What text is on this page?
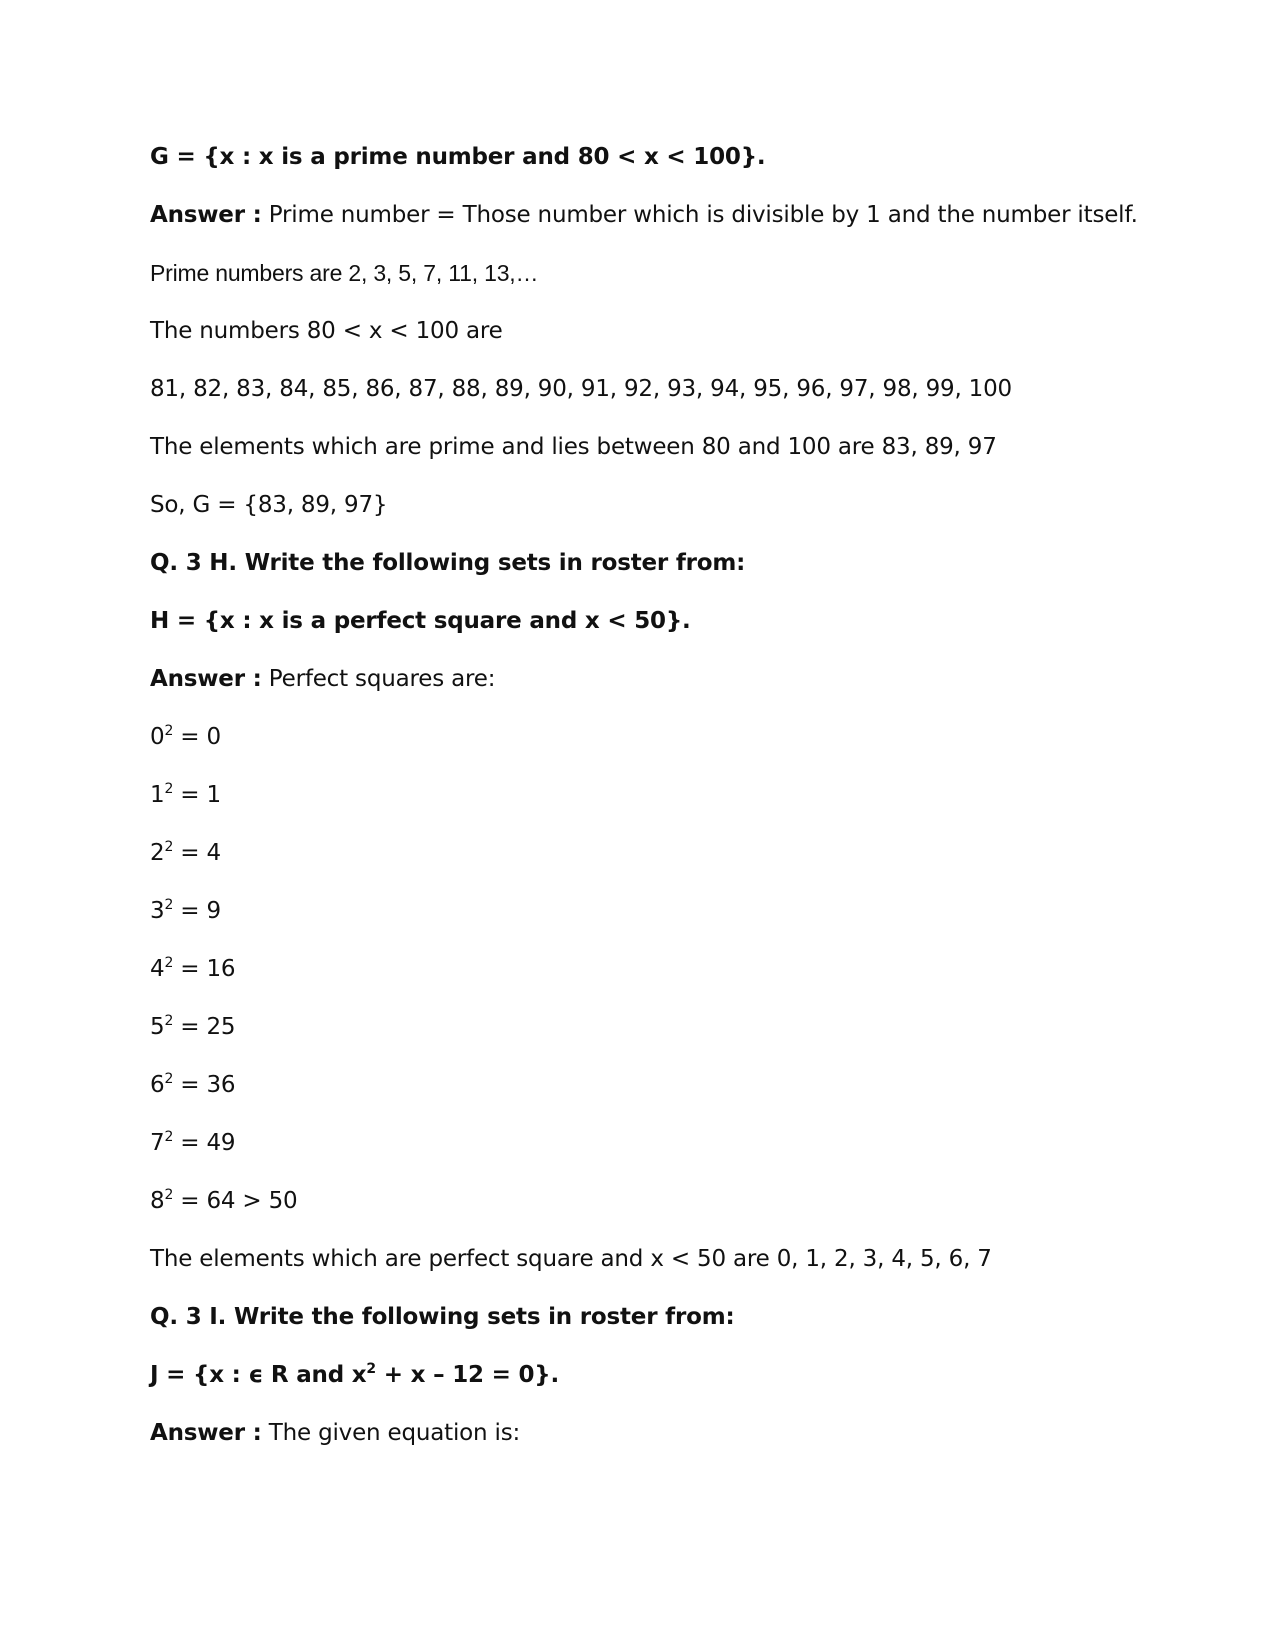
G = {x : x is a prime number and 80 < x < 100}.
Answer : Prime number = Those number which is divisible by 1 and the number itself.
Prime numbers are 2, 3, 5, 7, 11, 13,…
The numbers 80 < x < 100 are
81, 82, 83, 84, 85, 86, 87, 88, 89, 90, 91, 92, 93, 94, 95, 96, 97, 98, 99, 100
The elements which are prime and lies between 80 and 100 are 83, 89, 97
So, G = {83, 89, 97}
Q. 3 H. Write the following sets in roster from:
H = {x : x is a perfect square and x < 50}.
Answer : Perfect squares are:
$0^2 = 0$
$1^2 = 1$
$2^2 = 4$
$3^2 = 9$
$4^2 = 16$
$5^2 = 25$
$6^2 = 36$
$7^2 = 49$
$8^2 = 64 > 50$
The elements which are perfect square and x < 50 are 0, 1, 2, 3, 4, 5, 6, 7
Q. 3 I. Write the following sets in roster from:
J = {x : ϵ R and $x^2 + x - 12 = 0$}.
Answer : The given equation is:
